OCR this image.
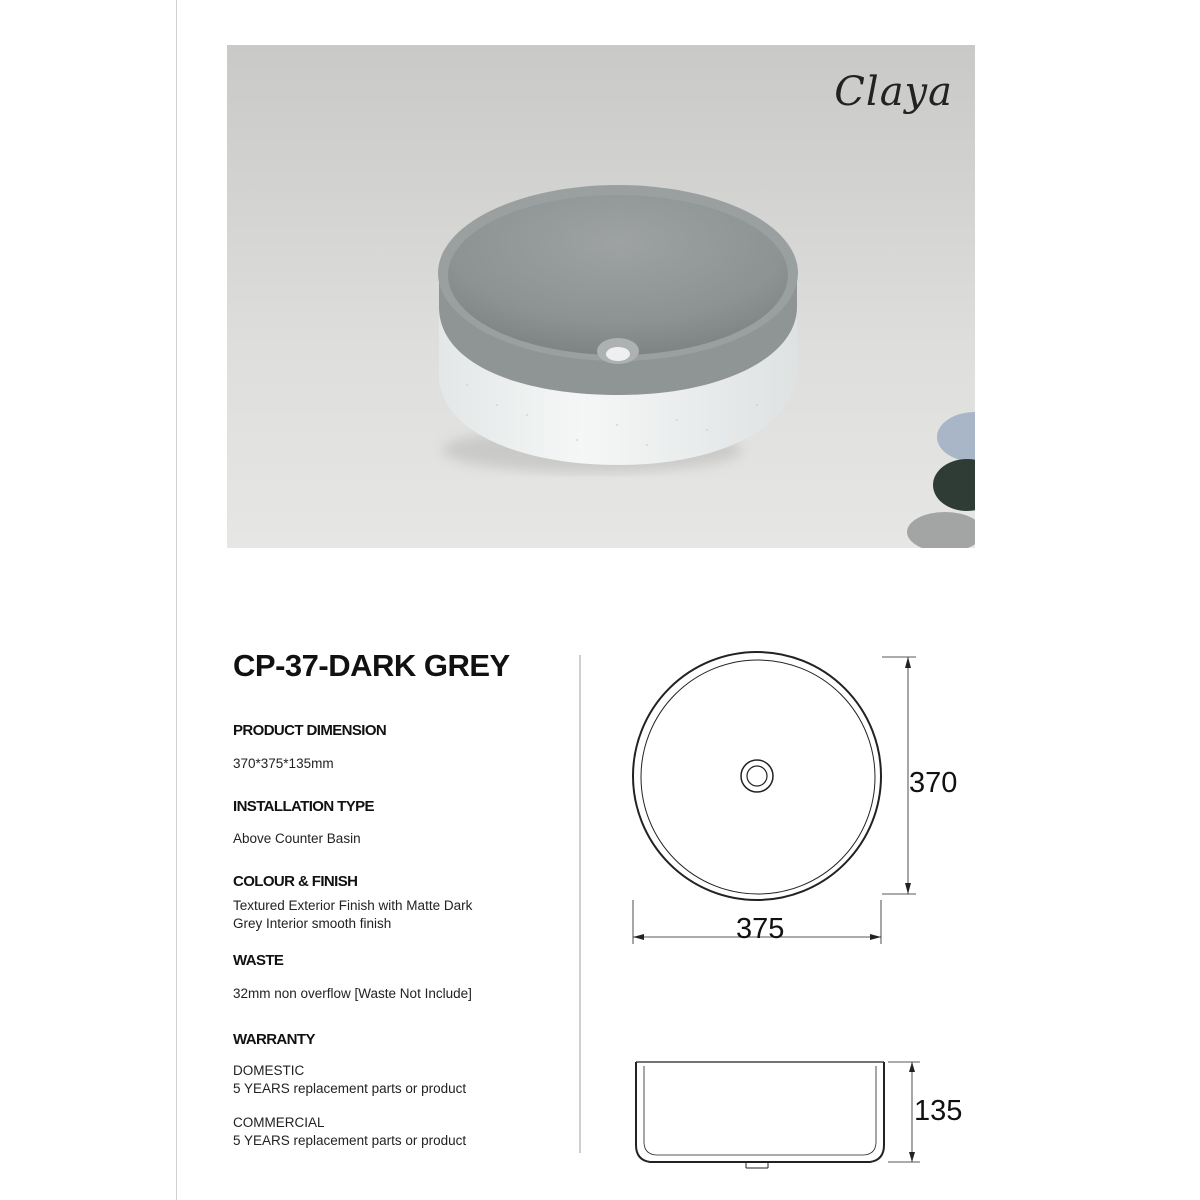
Claya
CP-37-DARK GREY
PRODUCT DIMENSION
370*375*135mm
INSTALLATION TYPE
Above Counter Basin
COLOUR & FINISH
Textured Exterior Finish with Matte Dark
Grey Interior smooth finish
WASTE
32mm non overflow [Waste Not Include]
WARRANTY
DOMESTIC
5 YEARS replacement parts or product
COMMERCIAL
5 YEARS replacement parts or product
370
375
135
